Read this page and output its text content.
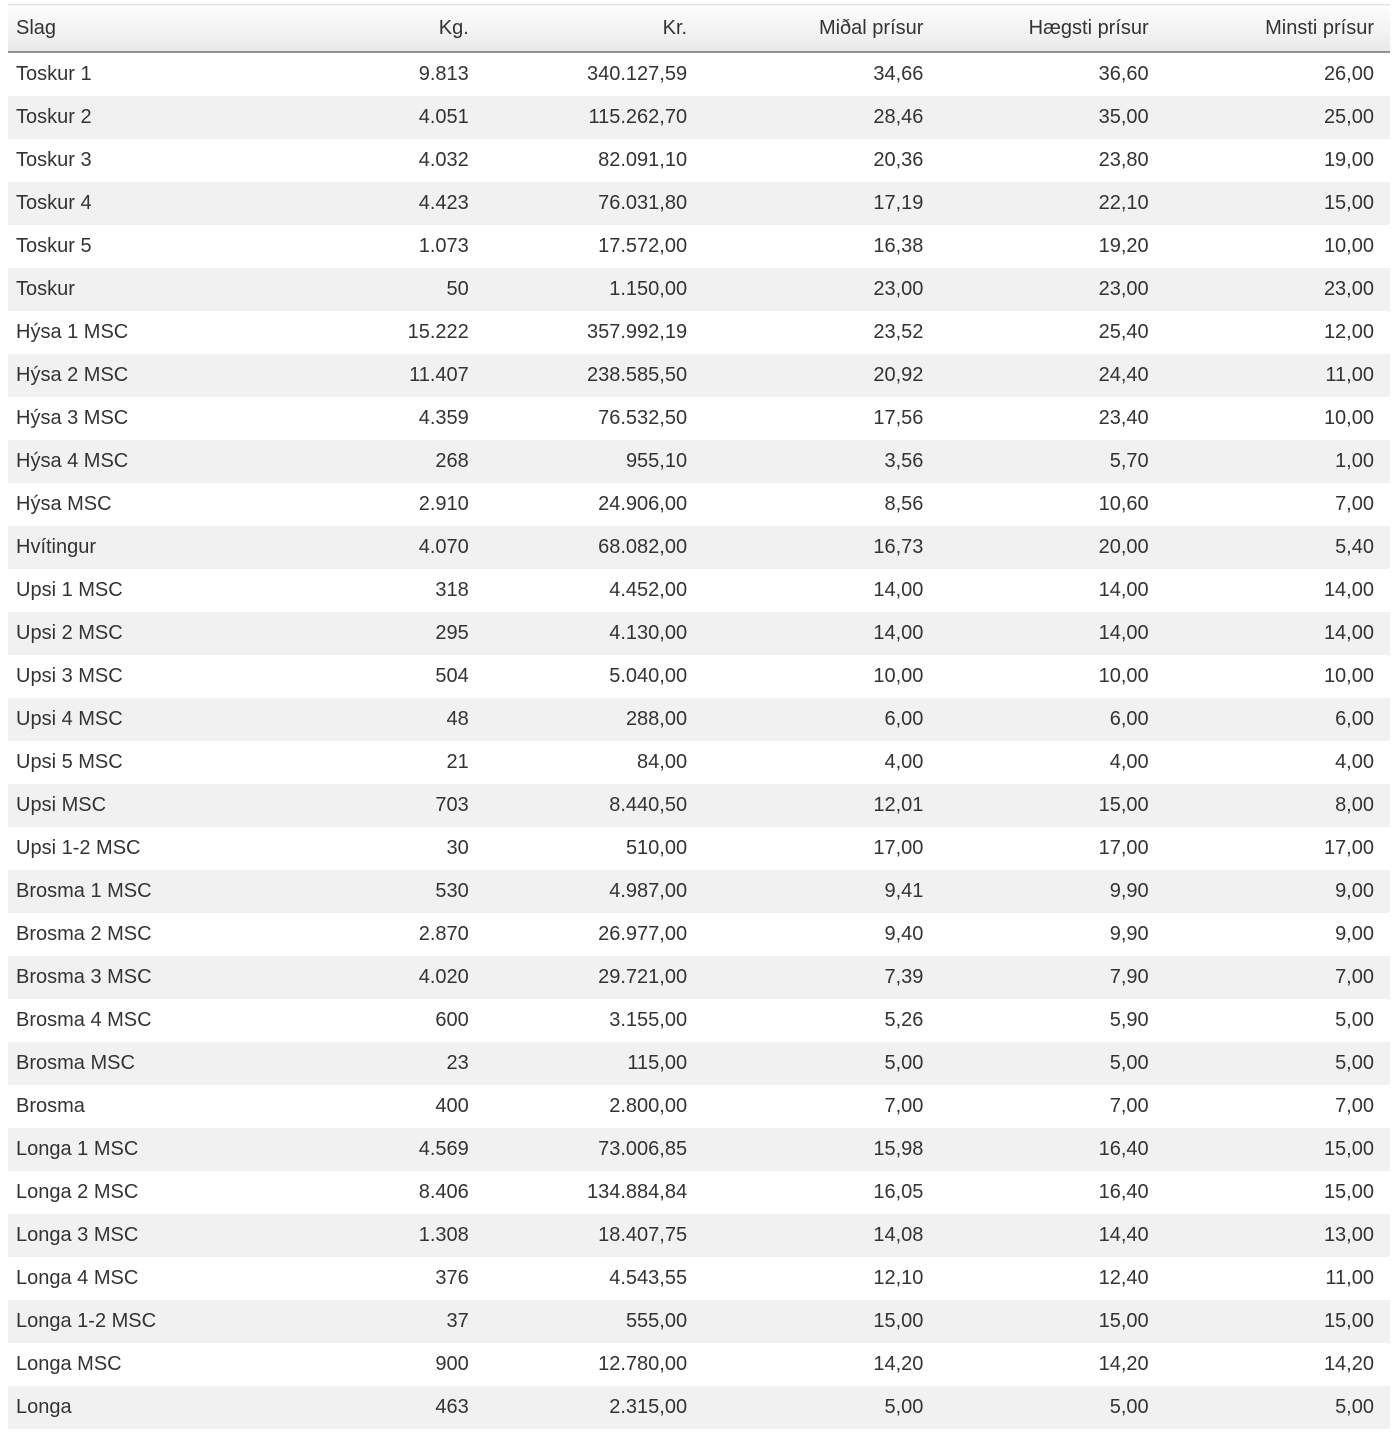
Slag	Kg.	Kr.	Miðal prísur	Hægsti prísur	Minsti prísur
Toskur 1	9.813	340.127,59	34,66	36,60	26,00
Toskur 2	4.051	115.262,70	28,46	35,00	25,00
Toskur 3	4.032	82.091,10	20,36	23,80	19,00
Toskur 4	4.423	76.031,80	17,19	22,10	15,00
Toskur 5	1.073	17.572,00	16,38	19,20	10,00
Toskur	50	1.150,00	23,00	23,00	23,00
Hýsa 1 MSC	15.222	357.992,19	23,52	25,40	12,00
Hýsa 2 MSC	11.407	238.585,50	20,92	24,40	11,00
Hýsa 3 MSC	4.359	76.532,50	17,56	23,40	10,00
Hýsa 4 MSC	268	955,10	3,56	5,70	1,00
Hýsa MSC	2.910	24.906,00	8,56	10,60	7,00
Hvítingur	4.070	68.082,00	16,73	20,00	5,40
Upsi 1 MSC	318	4.452,00	14,00	14,00	14,00
Upsi 2 MSC	295	4.130,00	14,00	14,00	14,00
Upsi 3 MSC	504	5.040,00	10,00	10,00	10,00
Upsi 4 MSC	48	288,00	6,00	6,00	6,00
Upsi 5 MSC	21	84,00	4,00	4,00	4,00
Upsi MSC	703	8.440,50	12,01	15,00	8,00
Upsi 1-2 MSC	30	510,00	17,00	17,00	17,00
Brosma 1 MSC	530	4.987,00	9,41	9,90	9,00
Brosma 2 MSC	2.870	26.977,00	9,40	9,90	9,00
Brosma 3 MSC	4.020	29.721,00	7,39	7,90	7,00
Brosma 4 MSC	600	3.155,00	5,26	5,90	5,00
Brosma MSC	23	115,00	5,00	5,00	5,00
Brosma	400	2.800,00	7,00	7,00	7,00
Longa 1 MSC	4.569	73.006,85	15,98	16,40	15,00
Longa 2 MSC	8.406	134.884,84	16,05	16,40	15,00
Longa 3 MSC	1.308	18.407,75	14,08	14,40	13,00
Longa 4 MSC	376	4.543,55	12,10	12,40	11,00
Longa 1-2 MSC	37	555,00	15,00	15,00	15,00
Longa MSC	900	12.780,00	14,20	14,20	14,20
Longa	463	2.315,00	5,00	5,00	5,00
